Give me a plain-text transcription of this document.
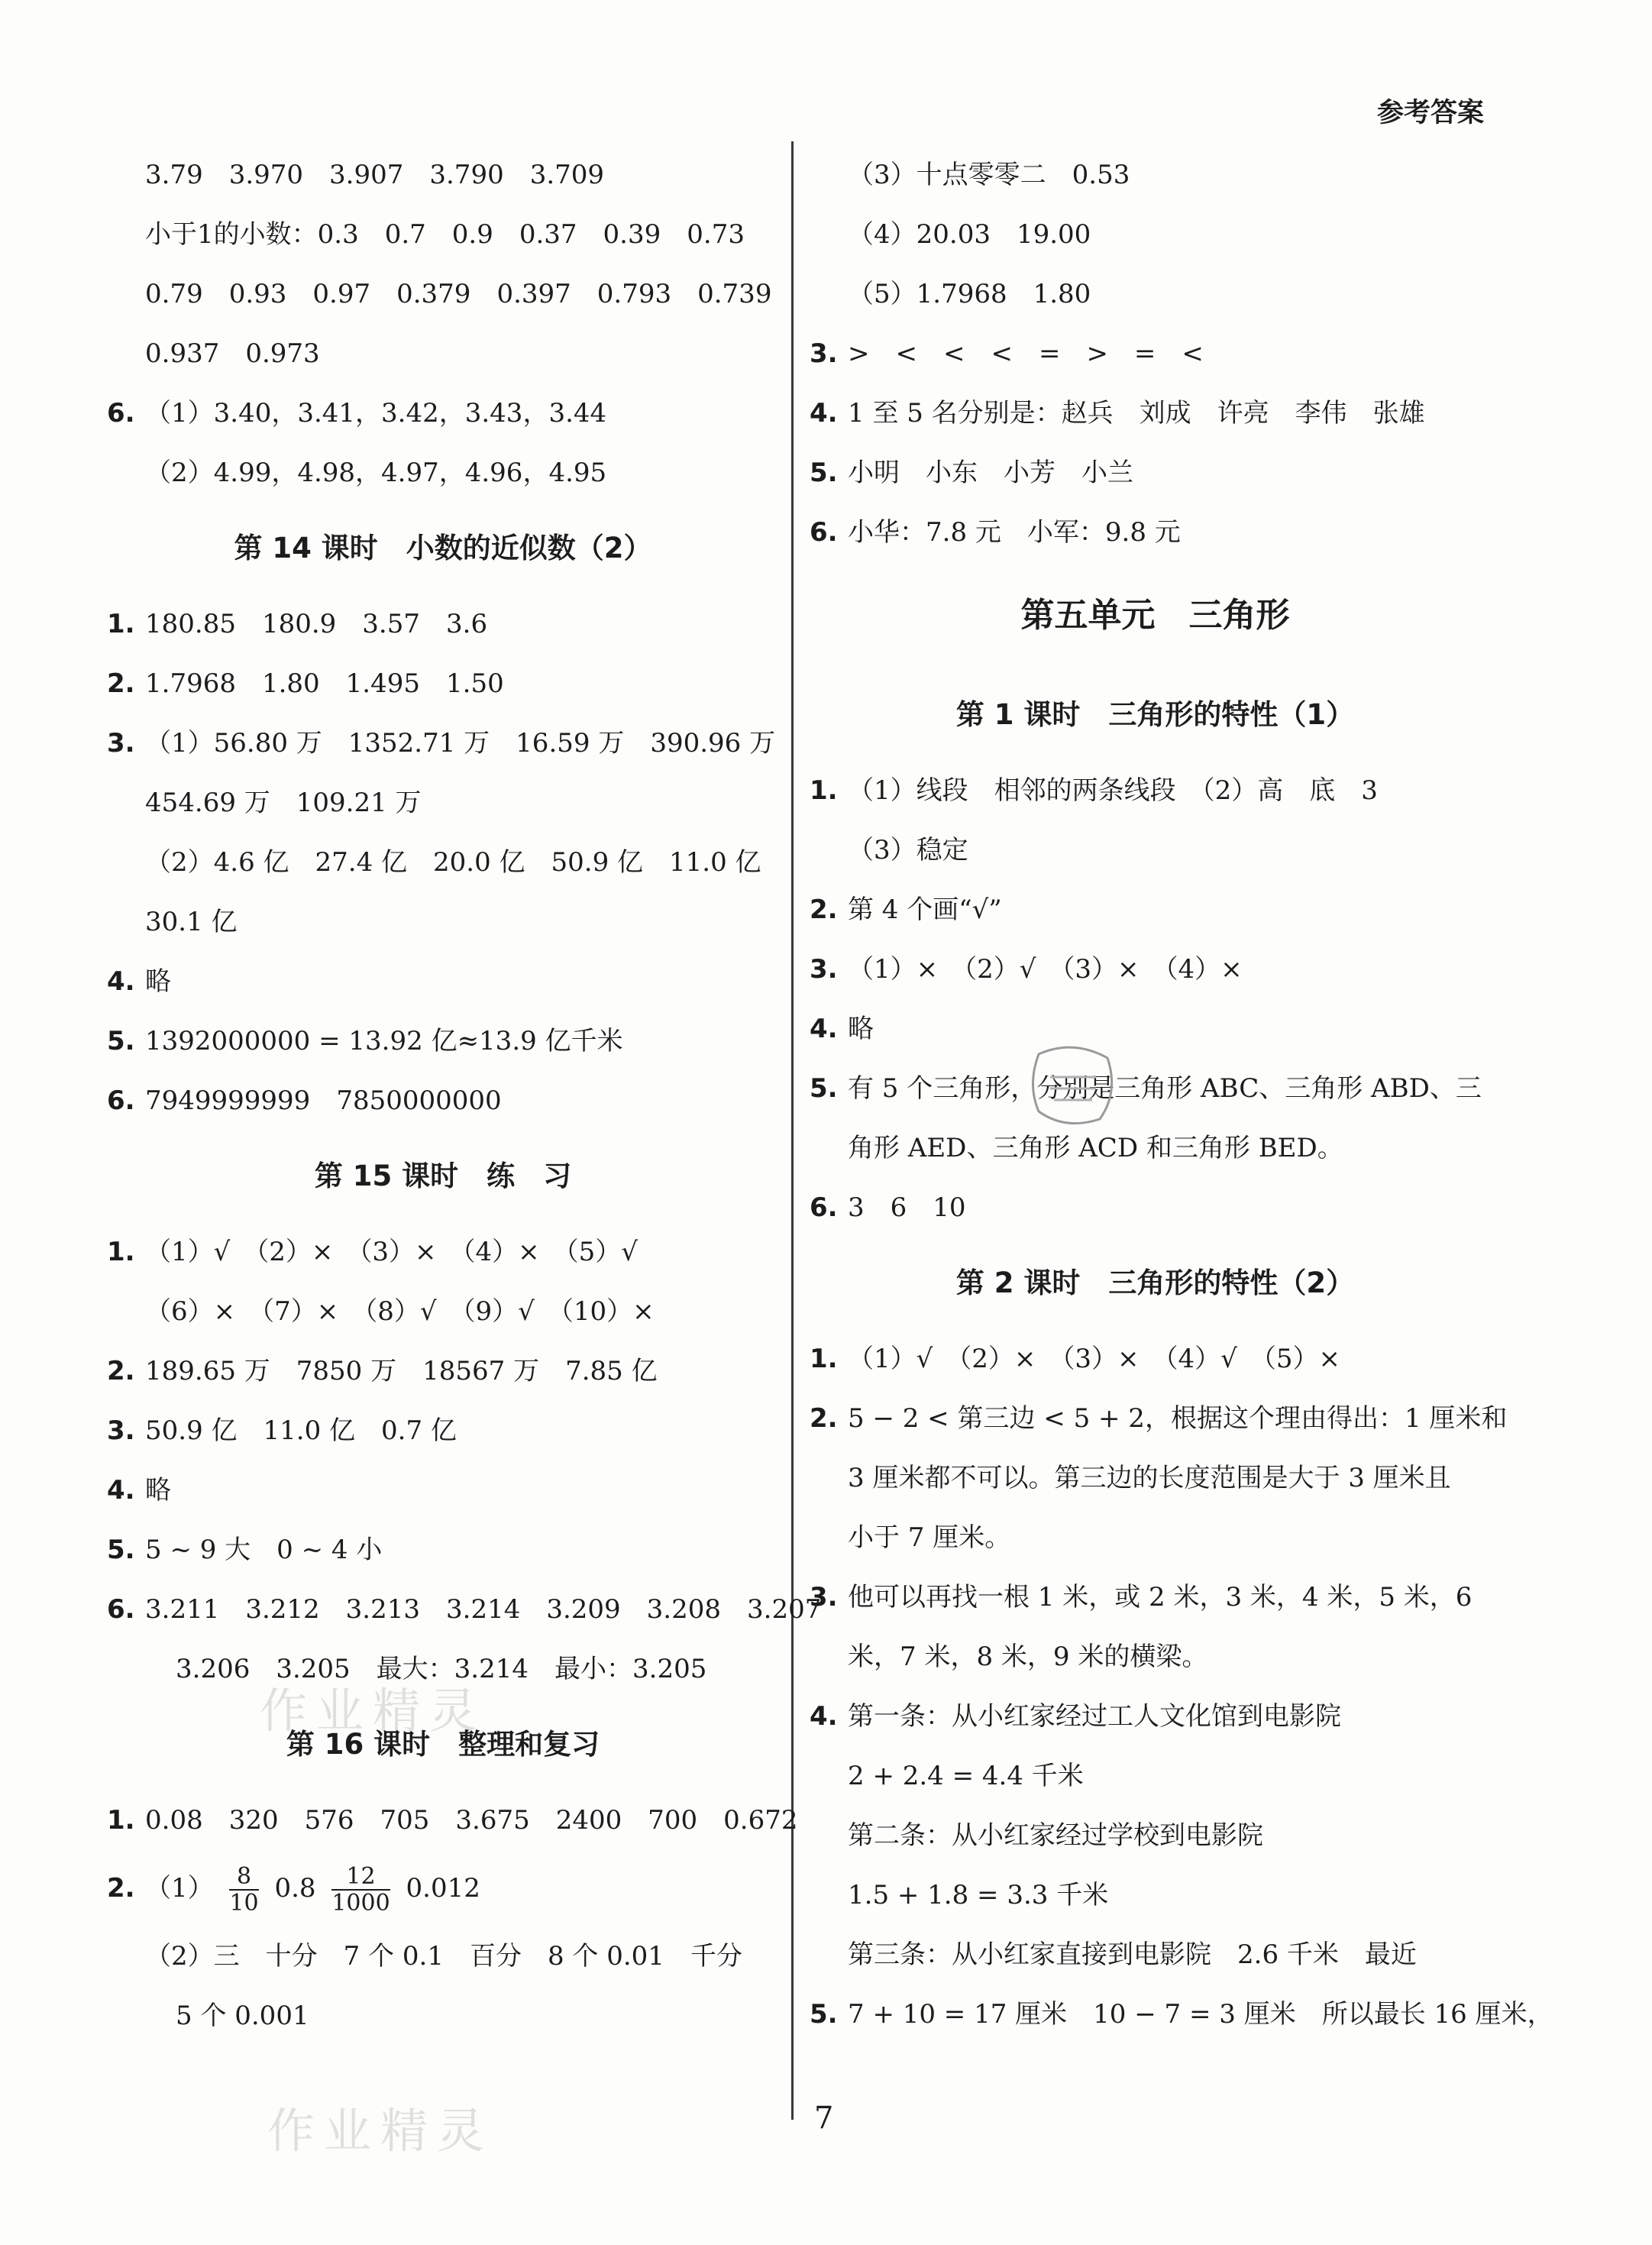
参考答案
3.79　3.970　3.907　3.790　3.709
小于1的小数：0.3　0.7　0.9　0.37　0.39　0.73
0.79　0.93　0.97　0.379　0.397　0.793　0.739
0.937　0.973
6. （1）3.40，3.41，3.42，3.43，3.44
（2）4.99，4.98，4.97，4.96，4.95
第 14 课时　小数的近似数（2）
1. 180.85　180.9　3.57　3.6
2. 1.7968　1.80　1.495　1.50
3. （1）56.80 万　1352.71 万　16.59 万　390.96 万
454.69 万　109.21 万
（2）4.6 亿　27.4 亿　20.0 亿　50.9 亿　11.0 亿
30.1 亿
4. 略
5. 1392000000 = 13.92 亿≈13.9 亿千米
6. 7949999999　7850000000
第 15 课时　练　习
1. （1）√　（2）×　（3）×　（4）×　（5）√
（6）×　（7）×　（8）√　（9）√　（10）×
2. 189.65 万　7850 万　18567 万　7.85 亿
3. 50.9 亿　11.0 亿　0.7 亿
4. 略
5. 5 ~ 9 大　0 ~ 4 小
6. 3.211　3.212　3.213　3.214　3.209　3.208　3.207
3.206　3.205　最大：3.214　最小：3.205
第 16 课时　整理和复习
1. 0.08　320　576　705　3.675　2400　700　0.672
2. $(1) \frac{8}{10} 0.8 \frac{12}{1000} 0.012$
（2）三　十分　7 个 0.1　百分　8 个 0.01　千分
5 个 0.001
（3）十点零零二　0.53
（4）20.03　19.00
（5）1.7968　1.80
3. >　<　<　<　=　>　=　<
4. 1 至 5 名分别是：赵兵　刘成　许亮　李伟　张雄
5. 小明　小东　小芳　小兰
6. 小华：7.8 元　小军：9.8 元
第五单元　三角形
第 1 课时　三角形的特性（1）
1. （1）线段　相邻的两条线段　（2）高　底　3
（3）稳定
2. 第 4 个画“√”
3. （1）×　（2）√　（3）×　（4）×
4. 略
5. 有 5 个三角形，分别是三角形 ABC、三角形 ABD、三
角形 AED、三角形 ACD 和三角形 BED。
6. 3　6　10
第 2 课时　三角形的特性（2）
1. （1）√　（2）×　（3）×　（4）√　（5）×
2. 5 − 2 < 第三边 < 5 + 2，根据这个理由得出：1 厘米和
3 厘米都不可以。第三边的长度范围是大于 3 厘米且
小于 7 厘米。
3. 他可以再找一根 1 米，或 2 米，3 米，4 米，5 米，6
米，7 米，8 米，9 米的横梁。
4. 第一条：从小红家经过工人文化馆到电影院
2 + 2.4 = 4.4 千米
第二条：从小红家经过学校到电影院
1.5 + 1.8 = 3.3 千米
第三条：从小红家直接到电影院　2.6 千米　最近
5. 7 + 10 = 17 厘米　10 − 7 = 3 厘米　所以最长 16 厘米，
作业精灵
作业精灵	7
